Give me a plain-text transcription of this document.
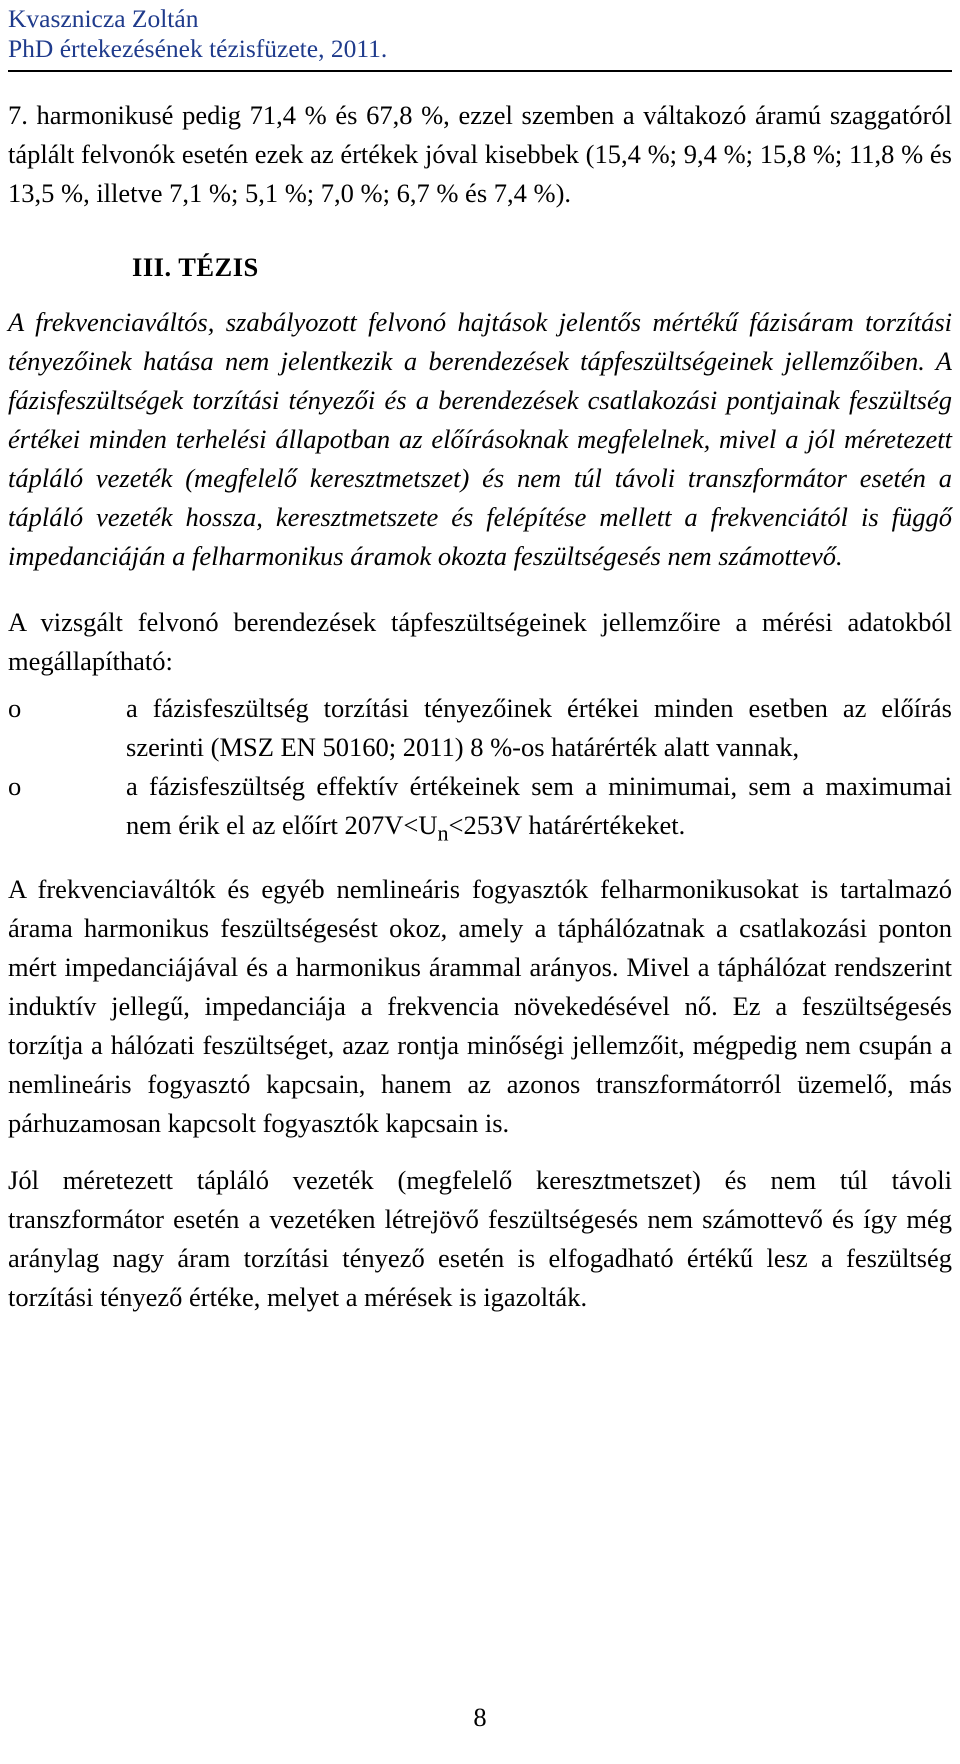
Kvasznicza Zoltán
PhD értekezésének tézisfüzete, 2011.

7. harmonikusé pedig 71,4 % és 67,8 %, ezzel szemben a váltakozó áramú szaggatóról táplált felvonók esetén ezek az értékek jóval kisebbek (15,4 %; 9,4 %; 15,8 %; 11,8 % és 13,5 %, illetve 7,1 %; 5,1 %; 7,0 %; 6,7 % és 7,4 %).

III. TÉZIS

A frekvenciaváltós, szabályozott felvonó hajtások jelentős mértékű fázisáram torzítási tényezőinek hatása nem jelentkezik a berendezések tápfeszültségeinek jellemzőiben. A fázisfeszültségek torzítási tényezői és a berendezések csatlakozási pontjainak feszültség értékei minden terhelési állapotban az előírásoknak megfelelnek, mivel a jól méretezett tápláló vezeték (megfelelő keresztmetszet) és nem túl távoli transzformátor esetén a tápláló vezeték hossza, keresztmetszete és felépítése mellett a frekvenciától is függő impedanciáján a felharmonikus áramok okozta feszültségesés nem számottevő.

A vizsgált felvonó berendezések tápfeszültségeinek jellemzőire a mérési adatokból megállapítható:

o	a fázisfeszültség torzítási tényezőinek értékei minden esetben az előírás szerinti (MSZ EN 50160; 2011) 8 %-os határérték alatt vannak,
o	a fázisfeszültség effektív értékeinek sem a minimumai, sem a maximumai nem érik el az előírt $207V<U_n<253V$ határértékeket.

A frekvenciaváltók és egyéb nemlineáris fogyasztók felharmonikusokat is tartalmazó árama harmonikus feszültségesést okoz, amely a táphálózatnak a csatlakozási ponton mért impedanciájával és a harmonikus árammal arányos. Mivel a táphálózat rendszerint induktív jellegű, impedanciája a frekvencia növekedésével nő. Ez a feszültségesés torzítja a hálózati feszültséget, azaz rontja minőségi jellemzőit, mégpedig nem csupán a nemlineáris fogyasztó kapcsain, hanem az azonos transzformátorról üzemelő, más párhuzamosan kapcsolt fogyasztók kapcsain is.

Jól méretezett tápláló vezeték (megfelelő keresztmetszet) és nem túl távoli transzformátor esetén a vezetéken létrejövő feszültségesés nem számottevő és így még aránylag nagy áram torzítási tényező esetén is elfogadható értékű lesz a feszültség torzítási tényező értéke, melyet a mérések is igazolták.

8
